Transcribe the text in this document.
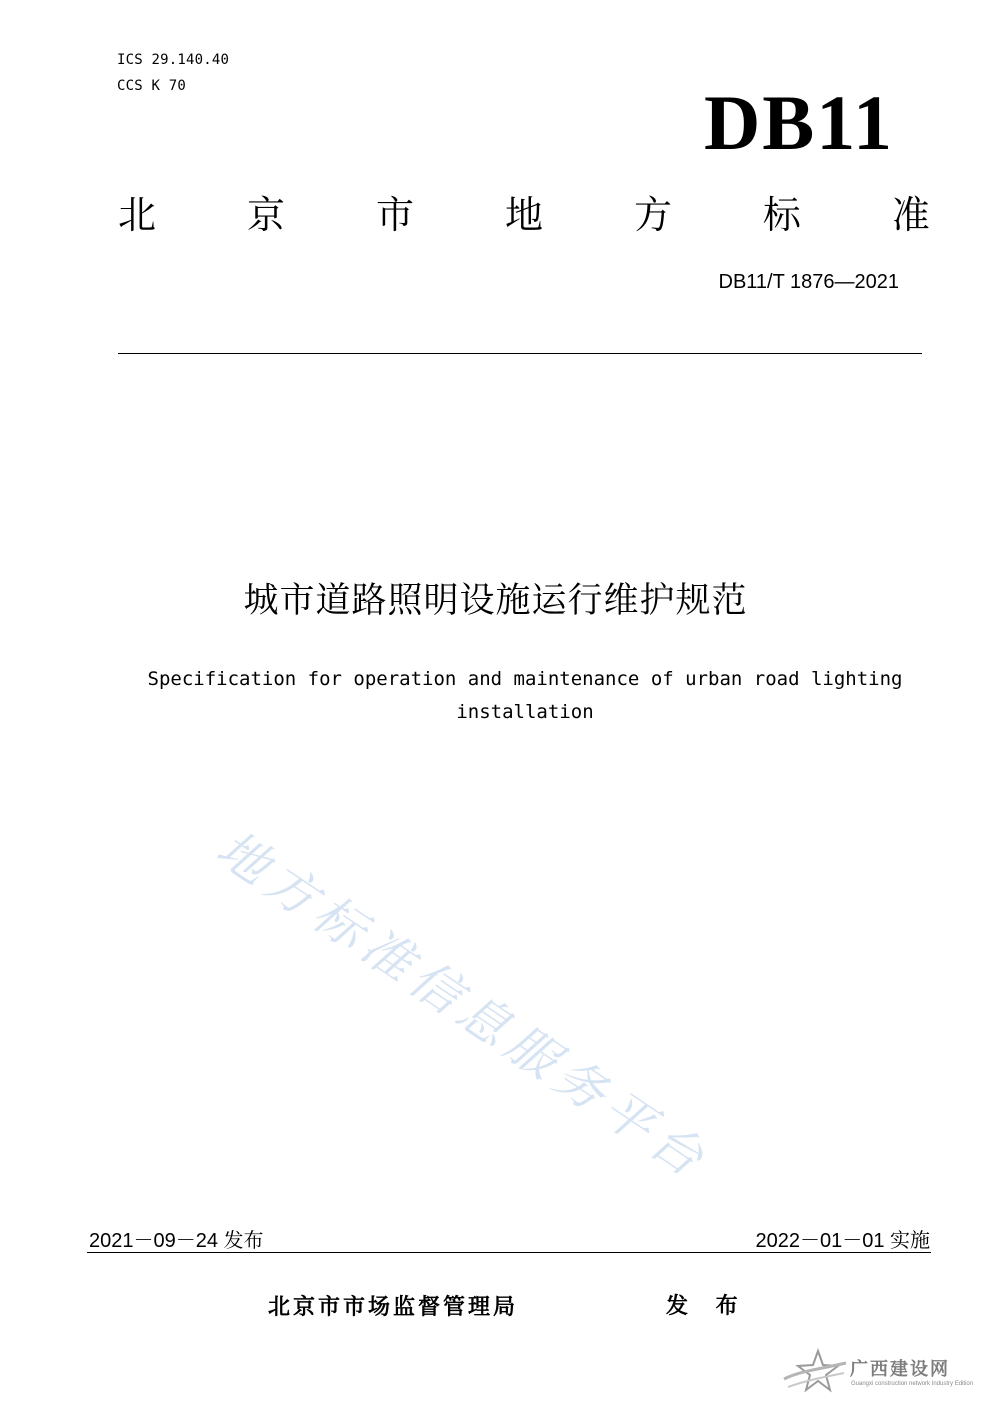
ICS 29.140.40
CCS K 70	DB11
北 京 市 地 方 标 准
DB11/T 1876—2021
城市道路照明设施运行维护规范
Specification for operation and maintenance of urban road lighting
installation
地方标准信息服务平台
2021－09－24 发布	2022－01－01 实施
北京市市场监督管理局	发 布
广西建设网
Guangxi construction network Industry Edition
